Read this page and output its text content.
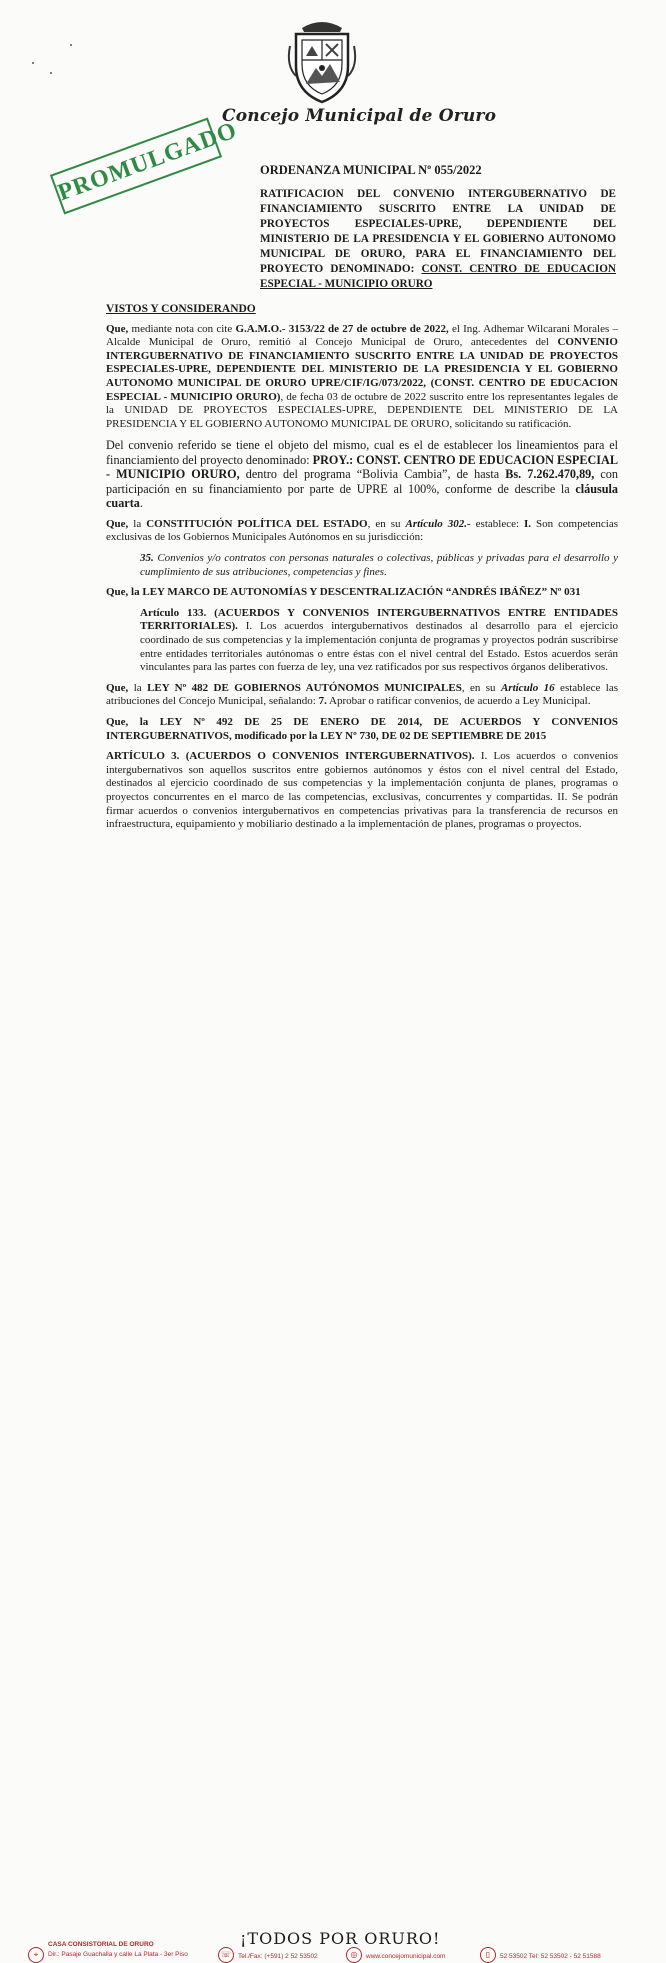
Concejo Municipal de Oruro
PROMULGADO ORDENANZA MUNICIPAL Nº 055/2022
RATIFICACION DEL CONVENIO INTERGUBERNATIVO DE FINANCIAMIENTO SUSCRITO ENTRE LA UNIDAD DE PROYECTOS ESPECIALES-UPRE, DEPENDIENTE DEL MINISTERIO DE LA PRESIDENCIA Y EL GOBIERNO AUTONOMO MUNICIPAL DE ORURO, PARA EL FINANCIAMIENTO DEL PROYECTO DENOMINADO: CONST. CENTRO DE EDUCACION ESPECIAL - MUNICIPIO ORURO

VISTOS Y CONSIDERANDO

Que, mediante nota con cite G.A.M.O.- 3153/22 de 27 de octubre de 2022, el Ing. Adhemar Wilcarani Morales – Alcalde Municipal de Oruro, remitió al Concejo Municipal de Oruro, antecedentes del CONVENIO INTERGUBERNATIVO DE FINANCIAMIENTO SUSCRITO ENTRE LA UNIDAD DE PROYECTOS ESPECIALES-UPRE, DEPENDIENTE DEL MINISTERIO DE LA PRESIDENCIA Y EL GOBIERNO AUTONOMO MUNICIPAL DE ORURO UPRE/CIF/IG/073/2022, (CONST. CENTRO DE EDUCACION ESPECIAL - MUNICIPIO ORURO), de fecha 03 de octubre de 2022 suscrito entre los representantes legales de la UNIDAD DE PROYECTOS ESPECIALES-UPRE, DEPENDIENTE DEL MINISTERIO DE LA PRESIDENCIA Y EL GOBIERNO AUTONOMO MUNICIPAL DE ORURO, solicitando su ratificación.

Del convenio referido se tiene el objeto del mismo, cual es el de establecer los lineamientos para el financiamiento del proyecto denominado: PROY.: CONST. CENTRO DE EDUCACION ESPECIAL - MUNICIPIO ORURO, dentro del programa “Bolivia Cambia”, de hasta Bs. 7.262.470,89, con participación en su financiamiento por parte de UPRE al 100%, conforme de describe la cláusula cuarta.

Que, la CONSTITUCIÓN POLÍTICA DEL ESTADO, en su Artículo 302.- establece: I. Son competencias exclusivas de los Gobiernos Municipales Autónomos en su jurisdicción:

35. Convenios y/o contratos con personas naturales o colectivas, públicas y privadas para el desarrollo y cumplimiento de sus atribuciones, competencias y fines.

Que, la LEY MARCO DE AUTONOMÍAS Y DESCENTRALIZACIÓN “ANDRÉS IBÁÑEZ” Nº 031

Artículo 133. (ACUERDOS Y CONVENIOS INTERGUBERNATIVOS ENTRE ENTIDADES TERRITORIALES). I. Los acuerdos intergubernativos destinados al desarrollo para el ejercicio coordinado de sus competencias y la implementación conjunta de programas y proyectos podrán suscribirse entre entidades territoriales autónomas o entre éstas con el nivel central del Estado. Estos acuerdos serán vinculantes para las partes con fuerza de ley, una vez ratificados por sus respectivos órganos deliberativos.

Que, la LEY Nº 482 DE GOBIERNOS AUTÓNOMOS MUNICIPALES, en su Artículo 16 establece las atribuciones del Concejo Municipal, señalando: 7. Aprobar o ratificar convenios, de acuerdo a Ley Municipal.

Que, la LEY Nº 492 DE 25 DE ENERO DE 2014, DE ACUERDOS Y CONVENIOS INTERGUBERNATIVOS, modificado por la LEY Nº 730, DE 02 DE SEPTIEMBRE DE 2015

ARTÍCULO 3. (ACUERDOS O CONVENIOS INTERGUBERNATIVOS). I. Los acuerdos o convenios intergubernativos son aquellos suscritos entre gobiernos autónomos y éstos con el nivel central del Estado, destinados al ejercicio coordinado de sus competencias y la implementación conjunta de planes, programas o proyectos concurrentes en el marco de las competencias, exclusivas, concurrentes y compartidas. II. Se podrán firmar acuerdos o convenios intergubernativos en competencias privativas para la transferencia de recursos en infraestructura, equipamiento y mobiliario destinado a la implementación de planes, programas o proyectos.

¡TODOS POR ORURO!
⌖
CASA CONSISTORIAL DE ORURO
Dir.: Pasaje Guachalla y calle La Plata - 3er Piso	☏	Tel./Fax: (+591) 2 52 53502	◎	www.concejomunicipal.com	▯	52 53502 Tel: 52 53502 - 52 51588
